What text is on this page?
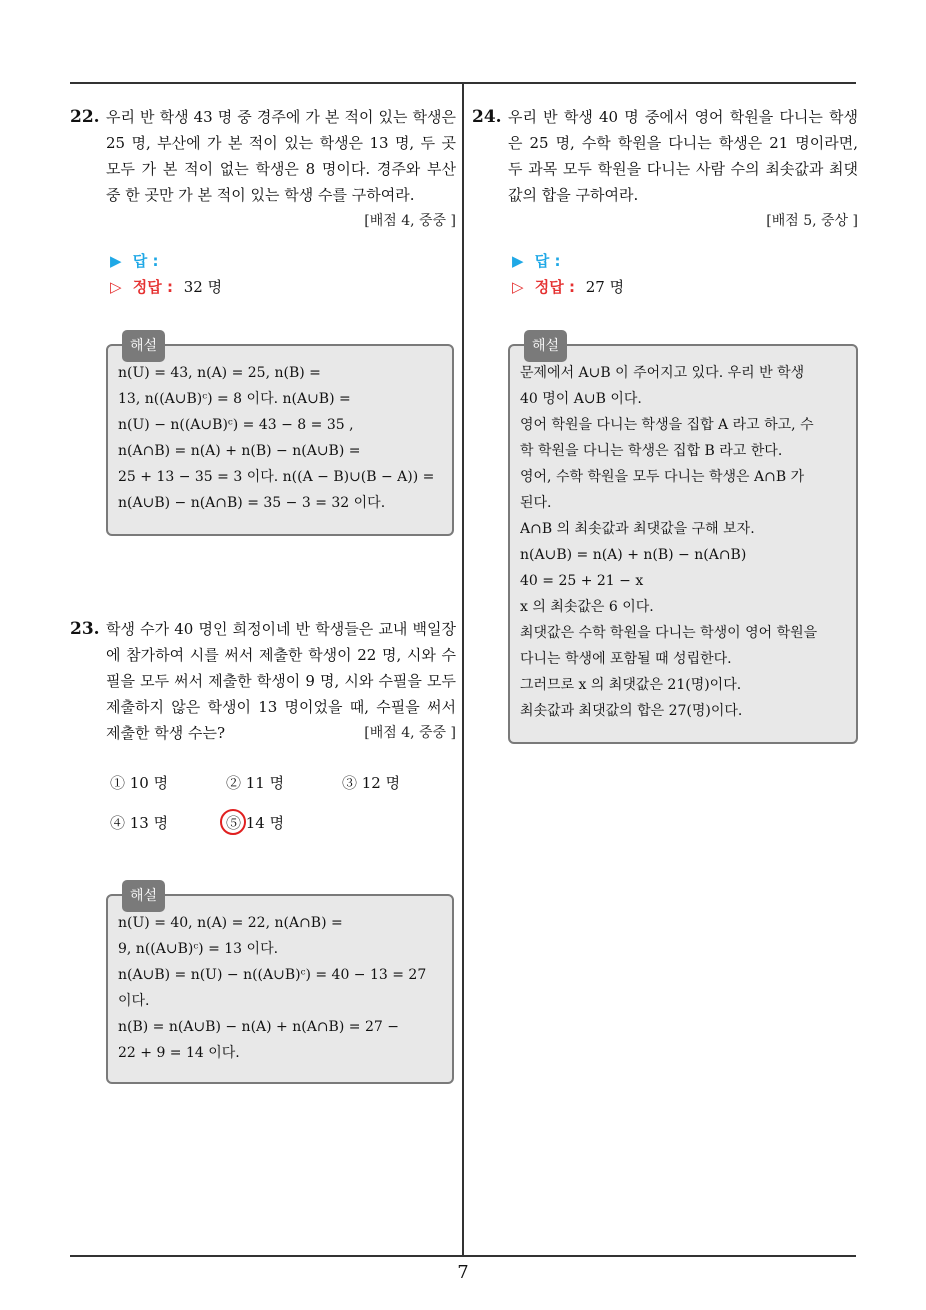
22. 우리 반 학생 43 명 중 경주에 가 본 적이 있는 학생은 25 명, 부산에 가 본 적이 있는 학생은 13 명, 두 곳 모두 가 본 적이 없는 학생은 8 명이다. 경주와 부산 중 한 곳만 가 본 적이 있는 학생 수를 구하여라.
[배점 4, 중중 ]
▶ 답 :
▷ 정답 : 32 명
해설
n(U) = 43, n(A) = 25, n(B) =
13, n((A∪B)ᶜ) = 8 이다. n(A∪B) =
n(U) − n((A∪B)ᶜ) = 43 − 8 = 35 ,
n(A∩B) = n(A) + n(B) − n(A∪B) =
25 + 13 − 35 = 3 이다. n((A − B)∪(B − A)) =
n(A∪B) − n(A∩B) = 35 − 3 = 32 이다.
23. 학생 수가 40 명인 희정이네 반 학생들은 교내 백일장에 참가하여 시를 써서 제출한 학생이 22 명, 시와 수필을 모두 써서 제출한 학생이 9 명, 시와 수필을 모두 제출하지 않은 학생이 13 명이었을 때, 수필을 써서 제출한 학생 수는?	[배점 4, 중중 ]
① 10 명	② 11 명	③ 12 명
④ 13 명	⑤ 14 명
해설
n(U) = 40, n(A) = 22, n(A∩B) =
9, n((A∪B)ᶜ) = 13 이다.
n(A∪B) = n(U) − n((A∪B)ᶜ) = 40 − 13 = 27
이다.
n(B) = n(A∪B) − n(A) + n(A∩B) = 27 −
22 + 9 = 14 이다.
24. 우리 반 학생 40 명 중에서 영어 학원을 다니는 학생은 25 명, 수학 학원을 다니는 학생은 21 명이라면, 두 과목 모두 학원을 다니는 사람 수의 최솟값과 최댓값의 합을 구하여라.
[배점 5, 중상 ]
▶ 답 :
▷ 정답 : 27 명
해설
문제에서 A∪B 이 주어지고 있다. 우리 반 학생
40 명이 A∪B 이다.
영어 학원을 다니는 학생을 집합 A 라고 하고, 수
학 학원을 다니는 학생은 집합 B 라고 한다.
영어, 수학 학원을 모두 다니는 학생은 A∩B 가
된다.
A∩B 의 최솟값과 최댓값을 구해 보자.
n(A∪B) = n(A) + n(B) − n(A∩B)
40 = 25 + 21 − x
x 의 최솟값은 6 이다.
최댓값은 수학 학원을 다니는 학생이 영어 학원을
다니는 학생에 포함될 때 성립한다.
그러므로 x 의 최댓값은 21(명)이다.
최솟값과 최댓값의 합은 27(명)이다.
7
